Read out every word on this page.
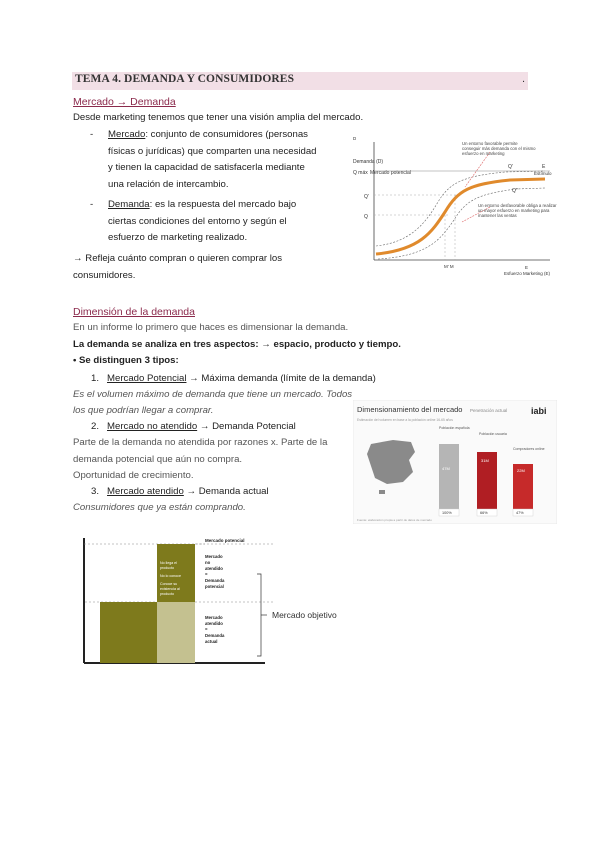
TEMA 4. DEMANDA Y CONSUMIDORES	.
Mercado → Demanda
Desde marketing tenemos que tener una visión amplia del mercado.
- Mercado: conjunto de consumidores (personas
físicas o jurídicas) que comparten una necesidad
y tienen la capacidad de satisfacerla mediante
una relación de intercambio.
- Demanda: es la respuesta del mercado bajo
ciertas condiciones del entorno y según el
esfuerzo de marketing realizado.
→ Refleja cuánto compran o quieren comprar los
consumidores.
D
Demanda (D)
Q máx Mercado potencial
Q'
Q
Un entorno favorable permite conseguir más demanda con el mismo esfuerzo en marketing
Un entorno desfavorable obliga a realizar un mayor esfuerzo en marketing para mantener las ventas
E
Estímulo
Q'
Q''
M' M
Esfuerzo Marketing (E)
E
Dimensión de la demanda
En un informe lo primero que haces es dimensionar la demanda.
La demanda se analiza en tres aspectos: → espacio, producto y tiempo.
• Se distinguen 3 tipos:
1. Mercado Potencial → Máxima demanda (límite de la demanda)
Es el volumen máximo de demanda que tiene un mercado. Todos
los que podrían llegar a comprar.
2. Mercado no atendido → Demanda Potencial
Parte de la demanda no atendida por razones x. Parte de la
demanda potencial que aún no compra.
Oportunidad de crecimiento.
3. Mercado atendido → Demanda actual
Consumidores que ya están comprando.
Dimensionamiento del mercado Penetración actual	iabi
Estimación del volumen en base a la población online 16-65 años
Población española
47M
100%
Población usuaria
31M
66%
Compradores online
22M
47%
Fuente: elaboración propia a partir de datos de mercado
Mercado potencial
No llega el
producto
No lo conoce
Conoce su
existencia al
producto
Mercado
no
atendido
=
Demanda
potencial
Mercado
atendido
=
Demanda
actual
Mercado objetivo
